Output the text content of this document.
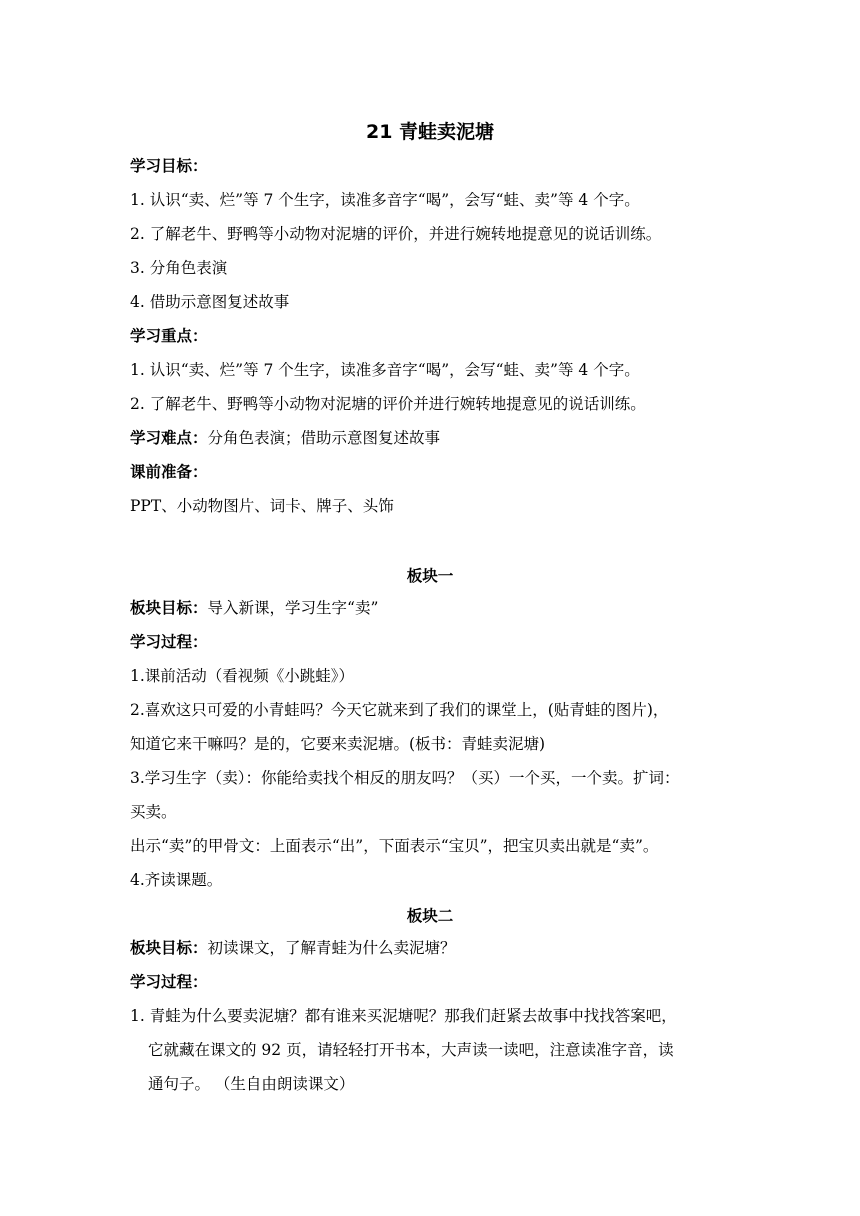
21 青蛙卖泥塘
学习目标：
1. 认识“卖、烂”等 7 个生字，读准多音字“喝”，会写“蛙、卖”等 4 个字。
2. 了解老牛、野鸭等小动物对泥塘的评价，并进行婉转地提意见的说话训练。
3. 分角色表演
4. 借助示意图复述故事
学习重点：
1. 认识“卖、烂”等 7 个生字，读准多音字“喝”，会写“蛙、卖”等 4 个字。
2. 了解老牛、野鸭等小动物对泥塘的评价并进行婉转地提意见的说话训练。
学习难点：分角色表演；借助示意图复述故事
课前准备：
PPT、小动物图片、词卡、牌子、头饰
板块一
板块目标：导入新课，学习生字“卖”
学习过程：
1.课前活动（看视频《小跳蛙》）
2.喜欢这只可爱的小青蛙吗？今天它就来到了我们的课堂上，(贴青蛙的图片)，
知道它来干嘛吗？是的，它要来卖泥塘。(板书：青蛙卖泥塘)
3.学习生字（卖）：你能给卖找个相反的朋友吗？（买）一个买，一个卖。扩词：
买卖。
出示“卖”的甲骨文：上面表示“出”，下面表示“宝贝”，把宝贝卖出就是“卖”。
4.齐读课题。
板块二
板块目标：初读课文，了解青蛙为什么卖泥塘？
学习过程：
1. 青蛙为什么要卖泥塘？都有谁来买泥塘呢？那我们赶紧去故事中找找答案吧，
它就藏在课文的 92 页，请轻轻打开书本，大声读一读吧，注意读准字音，读
通句子。 （生自由朗读课文）
